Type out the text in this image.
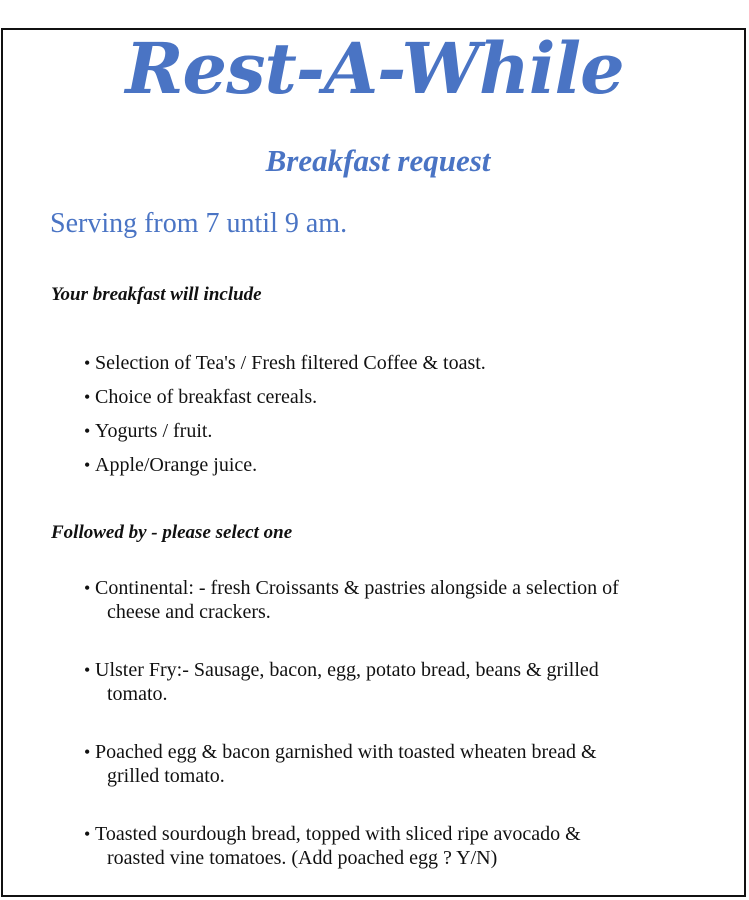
Rest-A-While
Breakfast request
Serving from 7 until 9 am.
Your breakfast will include
• Selection of Tea's / Fresh filtered Coffee & toast.
• Choice of breakfast cereals.
• Yogurts / fruit.
• Apple/Orange juice.
Followed by - please select one
• Continental: - fresh Croissants & pastries alongside a selection of
cheese and crackers.
• Ulster Fry:- Sausage, bacon, egg, potato bread, beans & grilled
tomato.
• Poached egg & bacon garnished with toasted wheaten bread &
grilled tomato.
• Toasted sourdough bread, topped with sliced ripe avocado &
roasted vine tomatoes. (Add poached egg ? Y/N)
